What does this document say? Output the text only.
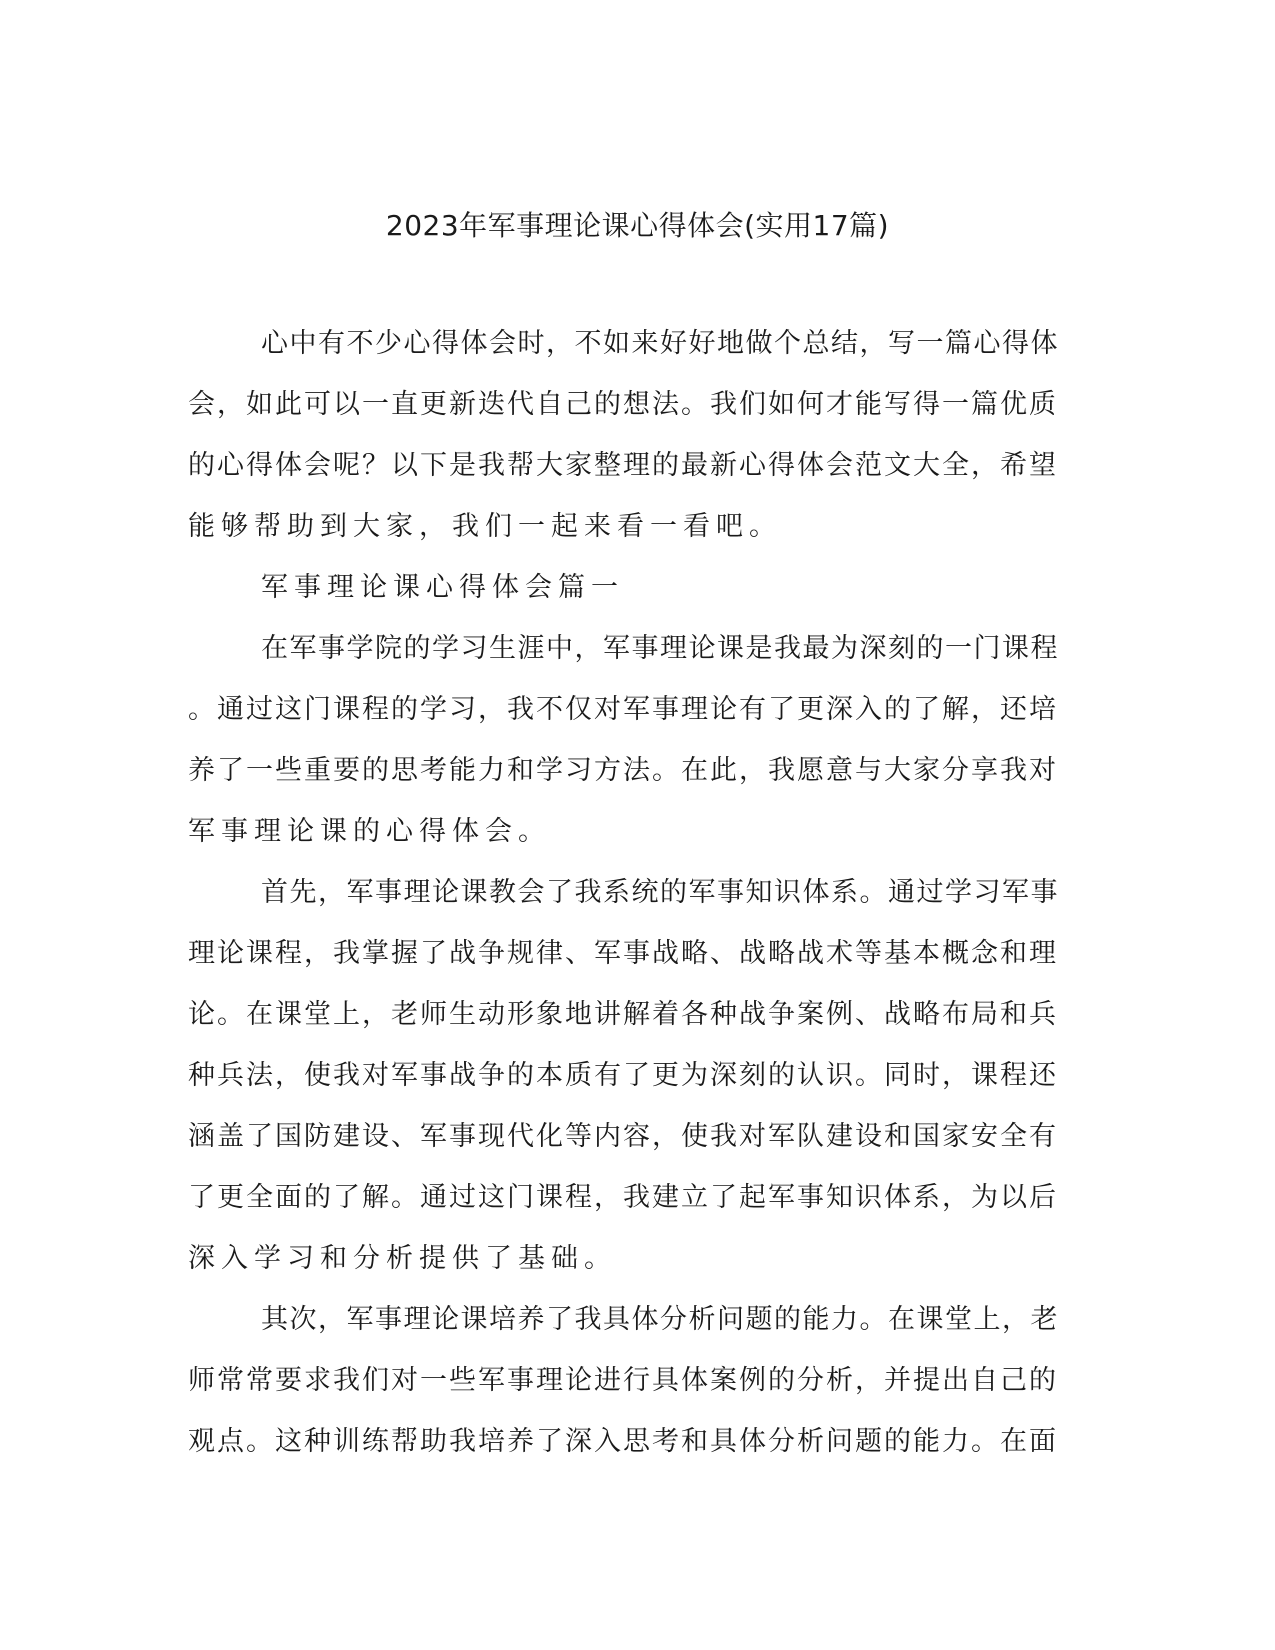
2023年军事理论课心得体会(实用17篇)
心中有不少心得体会时，不如来好好地做个总结，写一篇心得体
会，如此可以一直更新迭代自己的想法。我们如何才能写得一篇优质
的心得体会呢？以下是我帮大家整理的最新心得体会范文大全，希望
能够帮助到大家，我们一起来看一看吧。
军事理论课心得体会篇一
在军事学院的学习生涯中，军事理论课是我最为深刻的一门课程
。通过这门课程的学习，我不仅对军事理论有了更深入的了解，还培
养了一些重要的思考能力和学习方法。在此，我愿意与大家分享我对
军事理论课的心得体会。
首先，军事理论课教会了我系统的军事知识体系。通过学习军事
理论课程，我掌握了战争规律、军事战略、战略战术等基本概念和理
论。在课堂上，老师生动形象地讲解着各种战争案例、战略布局和兵
种兵法，使我对军事战争的本质有了更为深刻的认识。同时，课程还
涵盖了国防建设、军事现代化等内容，使我对军队建设和国家安全有
了更全面的了解。通过这门课程，我建立了起军事知识体系，为以后
深入学习和分析提供了基础。
其次，军事理论课培养了我具体分析问题的能力。在课堂上，老
师常常要求我们对一些军事理论进行具体案例的分析，并提出自己的
观点。这种训练帮助我培养了深入思考和具体分析问题的能力。在面
